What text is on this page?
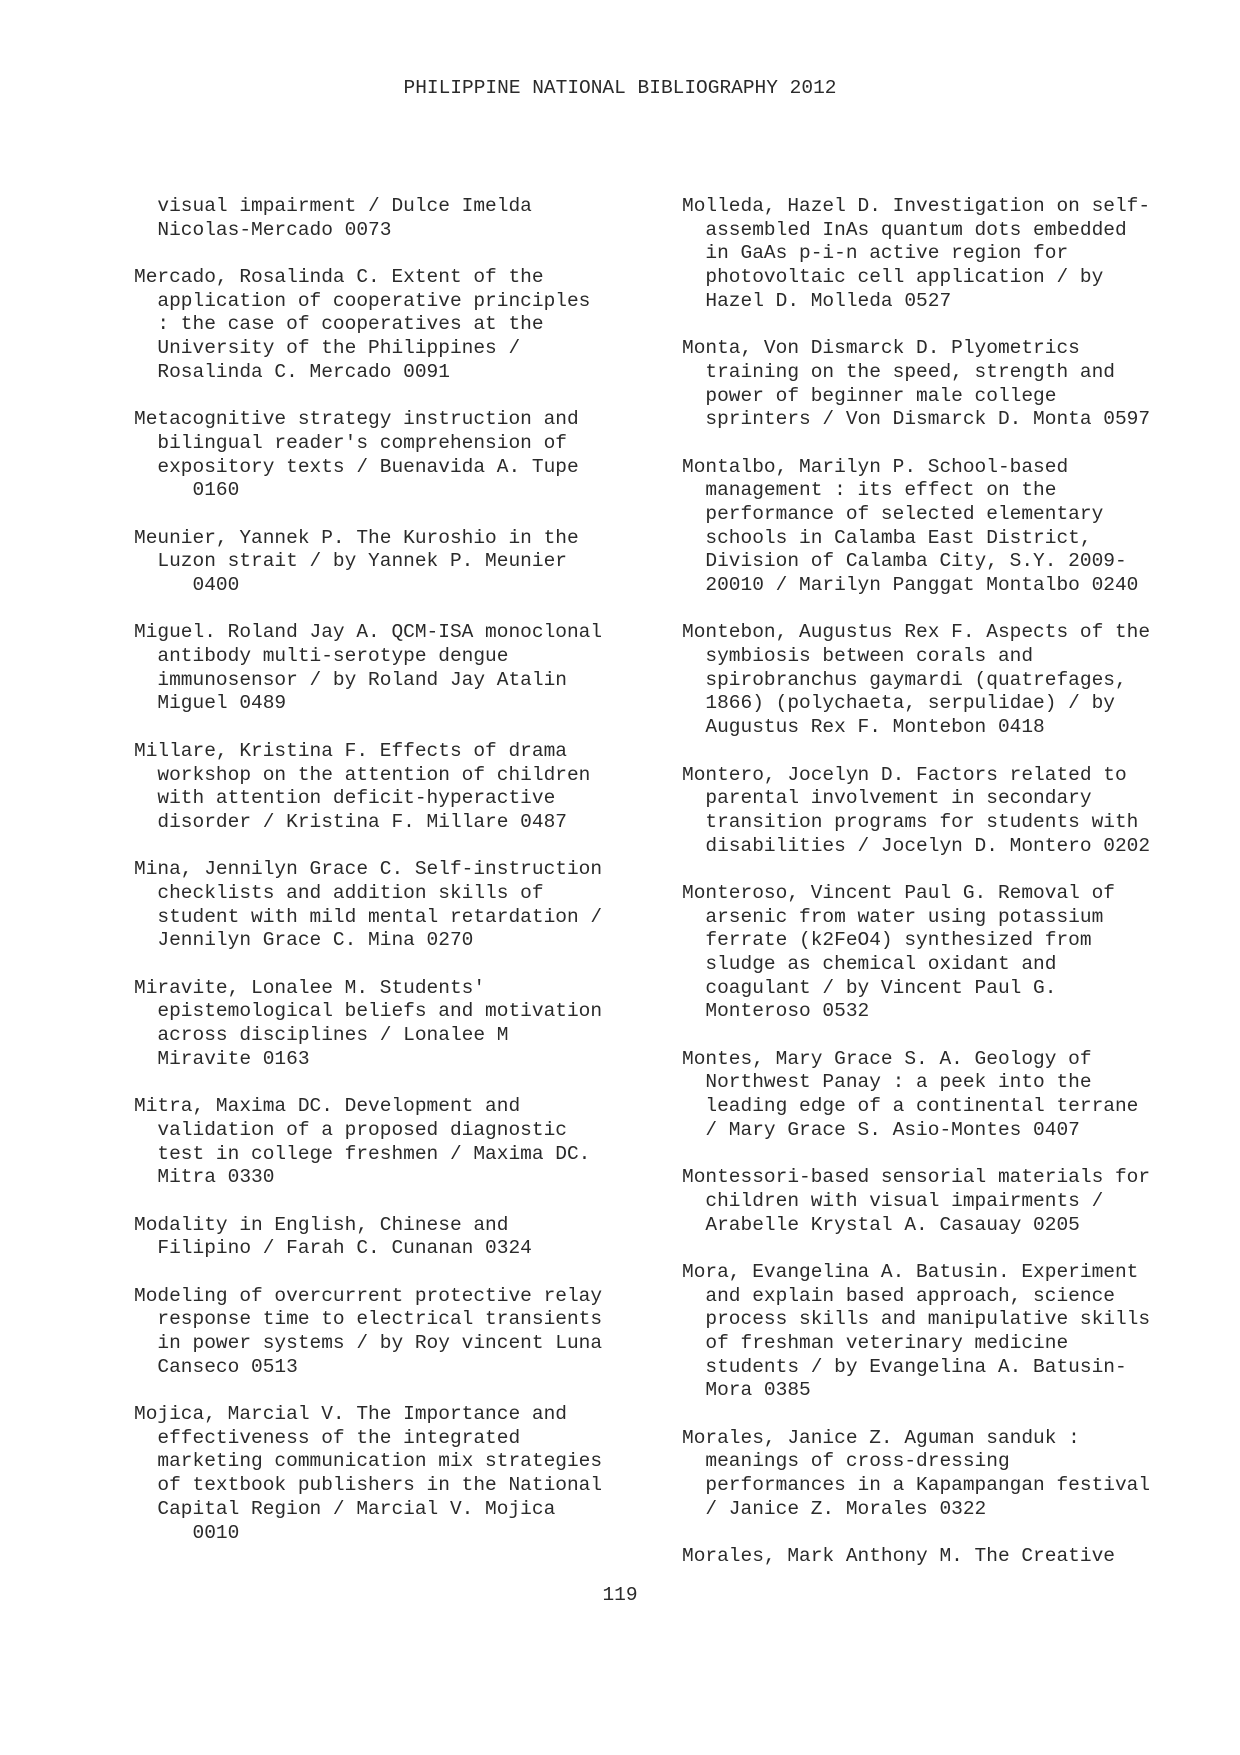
PHILIPPINE NATIONAL BIBLIOGRAPHY 2012
visual impairment / Dulce Imelda
Nicolas-Mercado 0073
Mercado, Rosalinda C. Extent of the
application of cooperative principles
: the case of cooperatives at the
University of the Philippines /
Rosalinda C. Mercado 0091
Metacognitive strategy instruction and
bilingual reader's comprehension of
expository texts / Buenavida A. Tupe
0160
Meunier, Yannek P. The Kuroshio in the
Luzon strait / by Yannek P. Meunier
0400
Miguel. Roland Jay A. QCM-ISA monoclonal
antibody multi-serotype dengue
immunosensor / by Roland Jay Atalin
Miguel 0489
Millare, Kristina F. Effects of drama
workshop on the attention of children
with attention deficit-hyperactive
disorder / Kristina F. Millare 0487
Mina, Jennilyn Grace C. Self-instruction
checklists and addition skills of
student with mild mental retardation /
Jennilyn Grace C. Mina 0270
Miravite, Lonalee M. Students'
epistemological beliefs and motivation
across disciplines / Lonalee M
Miravite 0163
Mitra, Maxima DC. Development and
validation of a proposed diagnostic
test in college freshmen / Maxima DC.
Mitra 0330
Modality in English, Chinese and
Filipino / Farah C. Cunanan 0324
Modeling of overcurrent protective relay
response time to electrical transients
in power systems / by Roy vincent Luna
Canseco 0513
Mojica, Marcial V. The Importance and
effectiveness of the integrated
marketing communication mix strategies
of textbook publishers in the National
Capital Region / Marcial V. Mojica
0010
Molleda, Hazel D. Investigation on self-
assembled InAs quantum dots embedded
in GaAs p-i-n active region for
photovoltaic cell application / by
Hazel D. Molleda 0527
Monta, Von Dismarck D. Plyometrics
training on the speed, strength and
power of beginner male college
sprinters / Von Dismarck D. Monta 0597
Montalbo, Marilyn P. School-based
management : its effect on the
performance of selected elementary
schools in Calamba East District,
Division of Calamba City, S.Y. 2009-
20010 / Marilyn Panggat Montalbo 0240
Montebon, Augustus Rex F. Aspects of the
symbiosis between corals and
spirobranchus gaymardi (quatrefages,
1866) (polychaeta, serpulidae) / by
Augustus Rex F. Montebon 0418
Montero, Jocelyn D. Factors related to
parental involvement in secondary
transition programs for students with
disabilities / Jocelyn D. Montero 0202
Monteroso, Vincent Paul G. Removal of
arsenic from water using potassium
ferrate (k2FeO4) synthesized from
sludge as chemical oxidant and
coagulant / by Vincent Paul G.
Monteroso 0532
Montes, Mary Grace S. A. Geology of
Northwest Panay : a peek into the
leading edge of a continental terrane
/ Mary Grace S. Asio-Montes 0407
Montessori-based sensorial materials for
children with visual impairments /
Arabelle Krystal A. Casauay 0205
Mora, Evangelina A. Batusin. Experiment
and explain based approach, science
process skills and manipulative skills
of freshman veterinary medicine
students / by Evangelina A. Batusin-
Mora 0385
Morales, Janice Z. Aguman sanduk :
meanings of cross-dressing
performances in a Kapampangan festival
/ Janice Z. Morales 0322
Morales, Mark Anthony M. The Creative
119
